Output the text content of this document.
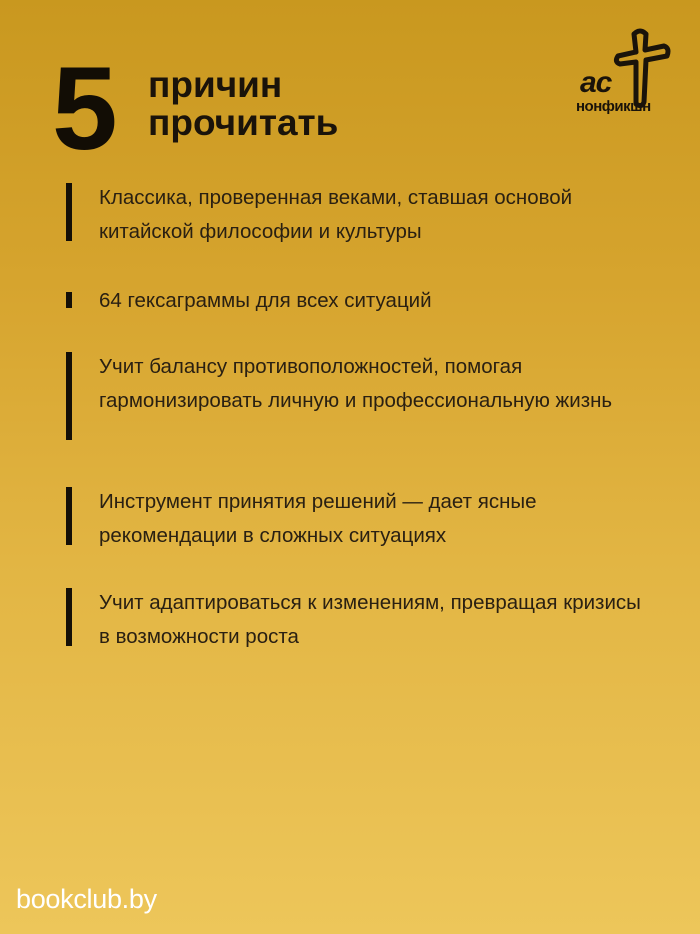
5 причин
прочитать
ас
нонфикшн
Классика, проверенная веками, ставшая основой китайской философии и культуры
64 гексаграммы для всех ситуаций
Учит балансу противоположностей, помогая гармонизировать личную и профессиональную жизнь
Инструмент принятия решений — дает ясные рекомендации в сложных ситуациях
Учит адаптироваться к изменениям, превращая кризисы в возможности роста
bookclub.by
